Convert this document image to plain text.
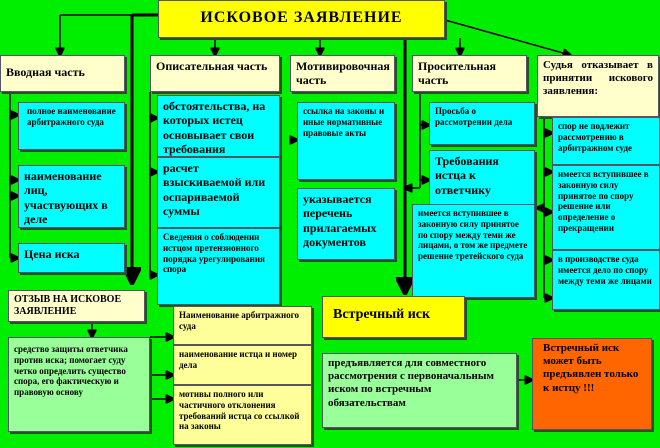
ИСКОВОЕ ЗАЯВЛЕНИЕ
Вводная часть	Описательная часть	Мотивировочная часть
Просительная часть
Судья отказывает в принятии искового заявления:
полное наименование арбитражного суда
наименование лиц, участвующих в деле
Цена иска
обстоятельства, на которых истец основывает свои требования
расчет взыскиваемой или оспариваемой суммы
Сведения о соблюдении истцом претензионного порядка урегулирования спора
ссылка на законы и иные нормативные правовые акты
указывается перечень прилагаемых документов
Просьба о рассмотрении дела
Требования истца к ответчику
имеется вступившее в законную силу принятое по спору между теми же лицами, о том же предмете решение третейского суда
спор не подлежит рассмотрению в арбитражном суде
имеется вступившее в законную силу принятое по спору решение или определение о прекращении
в производстве суда имеется дело по спору между теми же лицами
ОТЗЫВ НА ИСКОВОЕ ЗАЯВЛЕНИЕ
средство защиты ответчика против иска; помогает суду четко определить существо спора, его фактическую и правовую основу
Наименование арбитражного суда
наименование истца и номер дела
мотивы полного или частичного отклонения требований истца со ссылкой на законы
Встречный иск
предъявляется для совместного рассмотрения с первоначальным иском по встречным обязательствам
Встречный иск может быть предъявлен только к истцу !!!
